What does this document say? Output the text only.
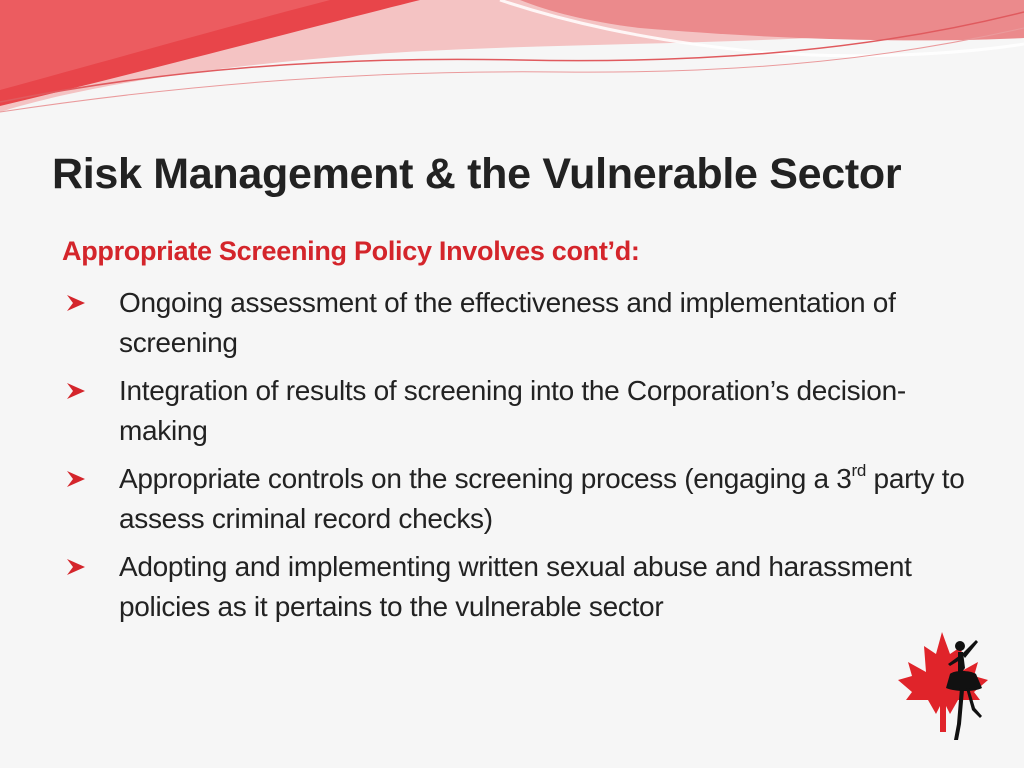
Risk Management & the Vulnerable Sector
Appropriate Screening Policy Involves cont’d:
Ongoing assessment of the effectiveness and implementation of screening
Integration of results of screening into the Corporation’s decision-making
Appropriate controls on the screening process (engaging a 3rd party to assess criminal record checks)
Adopting and implementing written sexual abuse and harassment policies as it pertains to the vulnerable sector
